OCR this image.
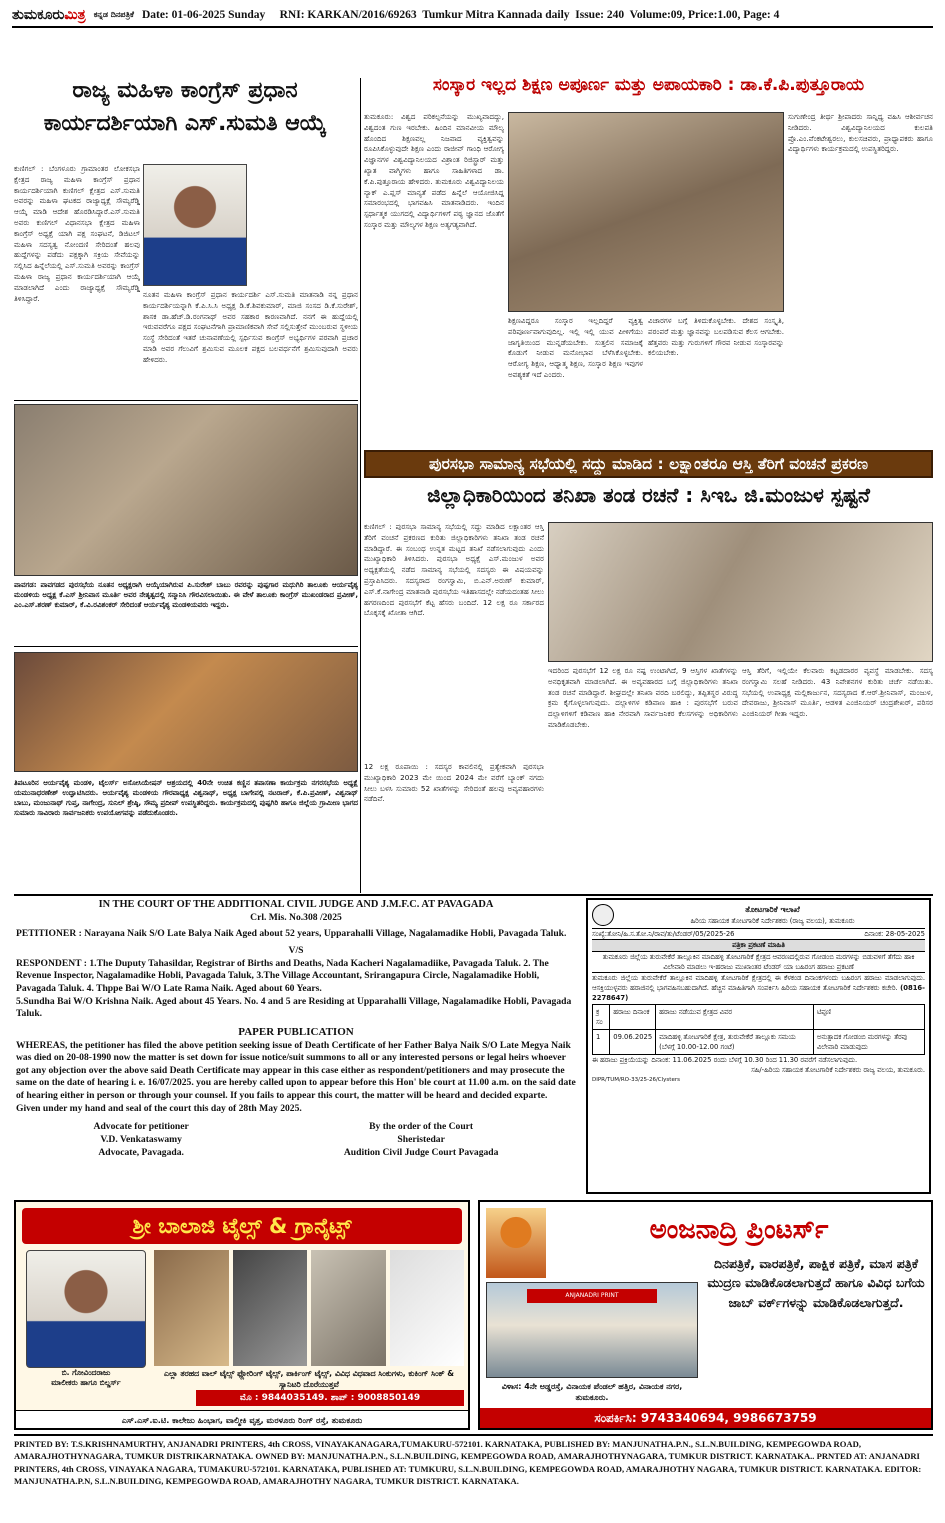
ತುಮಕೂರುಮಿತ್ರ ಕನ್ನಡ ದಿನಪತ್ರಿಕೆ Date: 01-06-2025 Sunday     RNI: KARKAN/2016/69263  Tumkur Mitra Kannada daily  Issue: 240  Volume:09, Price:1.00, Page: 4
ರಾಜ್ಯ ಮಹಿಳಾ ಕಾಂಗ್ರೆಸ್ ಪ್ರಧಾನ
ಕಾರ್ಯದರ್ಶಿಯಾಗಿ ಎಸ್.ಸುಮತಿ ಆಯ್ಕೆ
ಕುಣಿಗಲ್ : ಬೆಂಗಳೂರು ಗ್ರಾಮಾಂತರ ಲೋಕಸಭಾ ಕ್ಷೇತ್ರದ ರಾಜ್ಯ ಮಹಿಳಾ ಕಾಂಗ್ರೆಸ್ ಪ್ರಧಾನ ಕಾರ್ಯದರ್ಶಿಯಾಗಿ ಕುಣಿಗಲ್ ಕ್ಷೇತ್ರದ ಎಸ್.ಸುಮತಿ ಅವರನ್ನು ಮಹಿಳಾ ಘಟಕದ ರಾಜ್ಯಾಧ್ಯಕ್ಷೆ ಸೌಮ್ಯರೆಡ್ಡಿ ಆಯ್ಕೆ ಮಾಡಿ ಆದೇಶ ಹೊರಡಿಸಿದ್ದಾರೆ.ಎಸ್.ಸುಮತಿ ಅವರು ಕುಣಿಗಲ್ ವಿಧಾನಸಭಾ ಕ್ಷೇತ್ರದ ಮಹಿಳಾ ಕಾಂಗ್ರೆಸ್ ಅಧ್ಯಕ್ಷೆ ಯಾಗಿ ಪಕ್ಷ ಸಂಘಟನೆ, ಡಿಜಿಟಲ್ ಮಹಿಳಾ ಸದಸ್ಯತ್ವ ನೋಂದಣಿ ಸೇರಿದಂತೆ ಹಲವು ಹುದ್ದೆಗಳನ್ನು ಪಡೆದು ಪಕ್ಷಕ್ಕಾಗಿ ಸಕ್ರಿಯ ಸೇವೆಯನ್ನು ಸಲ್ಲಿಸಿದ ಹಿನ್ನೆಲೆಯಲ್ಲಿ ಎಸ್.ಸುಮತಿ ಅವರನ್ನು ಕಾಂಗ್ರೆಸ್ ಮಹಿಳಾ ರಾಜ್ಯ ಪ್ರಧಾನ ಕಾರ್ಯದರ್ಶಿಯಾಗಿ ಆಯ್ಕೆ ಮಾಡಲಾಗಿದೆ ಎಂದು ರಾಜ್ಯಾಧ್ಯಕ್ಷೆ ಸೌಮ್ಯರೆಡ್ಡಿ ತಿಳಿಸಿದ್ದಾರೆ.	ನೂತನ ಮಹಿಳಾ ಕಾಂಗ್ರೆಸ್ ಪ್ರಧಾನ ಕಾರ್ಯದರ್ಶಿ ಎಸ್.ಸುಮತಿ ಮಾತನಾಡಿ ನನ್ನ ಪ್ರಧಾನ ಕಾರ್ಯದರ್ಶಿಯನ್ನಾಗಿ ಕೆ.ಪಿ.ಸಿ.ಸಿ ಅಧ್ಯಕ್ಷ ಡಿ.ಕೆ.ಶಿವಕುಮಾರ್, ಮಾಜಿ ಸಂಸದ ಡಿ.ಕೆ.ಸುರೇಶ್, ಶಾಸಕ ಡಾ.ಹೆಚ್.ಡಿ.ರಂಗನಾಥ್ ಅವರ ಸಹಕಾರ ಕಾರಣವಾಗಿದೆ. ನನಗೆ ಈ ಹುದ್ದೆಯಲ್ಲಿ ಇರುವವರೆಗೂ ಪಕ್ಷದ ಸಂಘಟನೆಗಾಗಿ ಪ್ರಾಮಾಣಿಕವಾಗಿ ಸೇವೆ ಸಲ್ಲಿಸುತ್ತೇನೆ ಮುಂಬರುವ ಸ್ಥಳೀಯ ಸಂಸ್ಥೆ ಸೇರಿದಂತೆ ಇತರೆ ಚುನಾವಣೆಯಲ್ಲಿ ಸ್ಪರ್ಧಿಸುವ ಕಾಂಗ್ರೆಸ್ ಅಭ್ಯರ್ಥಿಗಳ ಪರವಾಗಿ ಪ್ರಚಾರ ಮಾಡಿ ಅವರ ಗೆಲುವಿಗೆ ಶ್ರಮಿಸುವ ಮೂಲಕ ಪಕ್ಷದ ಬಲವರ್ಧನೆಗೆ ಶ್ರಮಿಸುವುದಾಗಿ ಅವರು ಹೇಳಿದರು.
ಪಾವಗಡ: ಪಾವಗಡದ ಪುರಸಭೆಯ ನೂತನ ಅಧ್ಯಕ್ಷರಾಗಿ ಆಯ್ಕೆಯಾಗಿರುವ ಪಿ.ಸುರೇಶ್ ಬಾಬು ರವರನ್ನು ಪುಷ್ಪಗಾರ ಮಧುಗಿರಿ ತಾಲೂಕು ಆರ್ಯವೈಶ್ಯ ಮಂಡಳಿಯ ಅಧ್ಯಕ್ಷ ಕೆ.ಎಸ್ ಶ್ರೀನಿವಾಸ ಮೂರ್ತಿ ಅವರ ನೇತೃತ್ವದಲ್ಲಿ ಸನ್ಮಾನಿಸಿ ಗೌರವಿಸಲಾಯಿತು. ಈ ವೇಳೆ ತಾಲೂಕು ಕಾಂಗ್ರೆಸ್ ಮುಖಂಡರಾದ ಪ್ರವೀಣ್, ಎಂ.ಎಸ್.ಶರಣ್ ಕುಮಾರ್, ಕೆ.ವಿ.ರವಿಶಂಕರ್ ಸೇರಿದಂತೆ ಆರ್ಯವೈಶ್ಯ ಮಂಡಳಿಯವರು ಇದ್ದರು.
ತಿಪಟೂರಿನ ಆರ್ಯವೈಶ್ಯ ಮಂಡಳಿ, ಟೈಲರ್ಸ್ ಅಸೋಸಿಯೇಷನ್ ಆಶ್ರಯದಲ್ಲಿ 40ನೇ ಉಚಿತ ಕಣ್ಣಿನ ತಪಾಸಣಾ ಕಾರ್ಯಕ್ರಮ ನಗರಸಭೆಯ ಅಧ್ಯಕ್ಷೆ ಯಮುನಾಧರಣೇಶ್ ಉದ್ಘಾಟಿಸಿದರು. ಆರ್ಯವೈಶ್ಯ ಮಂಡಳಿಯ ಗೌರವಾಧ್ಯಕ್ಷ ವಿಶ್ವನಾಥ್, ಅಧ್ಯಕ್ಷ ಬಾಗೇಪಲ್ಲಿ ನಟರಾಜ್, ಕೆ.ಪಿ.ಪ್ರವೀಣ್, ವಿಶ್ವನಾಥ್ ಬಾಬು, ಮಂಜುನಾಥ್ ಗುಪ್ತ, ನಾಗೇಂದ್ರ, ಸುನಿಲ್ ಶ್ರೇಷ್ಠಿ, ಸೌಮ್ಯ ಪ್ರದೀಪ್ ಉಪಸ್ಥಿತರಿದ್ದರು. ಕಾರ್ಯಕ್ರಮದಲ್ಲಿ ಪುಷ್ಪಗಿರಿ ಹಾಗೂ ಜಿಲ್ಲೆಯ ಗ್ರಾಮೀಣ ಭಾಗದ ಸುಮಾರು ಸಾವಿರಾರು ಸಾರ್ವಜನಿಕರು ಉಪಯೋಗವನ್ನು ಪಡೆದುಕೊಂಡರು.
ಸಂಸ್ಕಾರ ಇಲ್ಲದ ಶಿಕ್ಷಣ ಅಪೂರ್ಣ ಮತ್ತು ಅಪಾಯಕಾರಿ : ಡಾ.ಕೆ.ಪಿ.ಪುತ್ತೂರಾಯ
ತುಮಕೂರು: ವಿಶ್ವದ ಪರಿಕಲ್ಪನೆಯನ್ನು ಮುಖ್ಯವಾದದ್ದು, ವಿಶ್ವದಂತ ಗುಣ ಇರಬೇಕು. ಹಿಂದಿನ ಮಾನವೀಯ ಮೌಲ್ಯ ಹೊಂದಿದ ಶಿಕ್ಷಣವಲ್ಲ ನಿಜವಾದ ವ್ಯಕ್ತಿತ್ವವನ್ನು ರೂಪಿಸಿಕೊಳ್ಳುವುದೇ ಶಿಕ್ಷಣ ಎಂದು ರಾಜೀವ್ ಗಾಂಧಿ ಆರೋಗ್ಯ ವಿಜ್ಞಾನಗಳ ವಿಶ್ವವಿದ್ಯಾನಿಲಯದ ವಿಶ್ರಾಂತ ರಿಜಿಸ್ಟ್ರಾರ್ ಮತ್ತು ಖ್ಯಾತ ವಾಗ್ಮಿಗಳು ಹಾಗೂ ಸಾಹಿತಿಗಳಾದ ಡಾ. ಕೆ.ಪಿ.ಪುತ್ತೂರಾಯ ಹೇಳಿದರು. ತುಮಕೂರು ವಿಶ್ವವಿದ್ಯಾನಿಲಯ ನ್ಯಾಕ್ ಎ.ಪ್ಲಸ್ ಮಾನ್ಯತೆ ಪಡೆದ ಹಿನ್ನೆಲೆ ಆಯೋಜಿಸಿದ್ದ ಸಮಾರಂಭದಲ್ಲಿ ಭಾಗವಹಿಸಿ ಮಾತನಾಡಿದರು. ಇಂದಿನ ಸ್ಪರ್ಧಾತ್ಮಕ ಯುಗದಲ್ಲಿ ವಿದ್ಯಾರ್ಥಿಗಳಿಗೆ ಪಠ್ಯ ಜ್ಞಾನದ ಜೊತೆಗೆ ಸಂಸ್ಕಾರ ಮತ್ತು ಮೌಲ್ಯಗಳ ಶಿಕ್ಷಣ ಅತ್ಯಗತ್ಯವಾಗಿದೆ.
ಸುಗುಣೇಂದ್ರ ತೀರ್ಥ ಶ್ರೀಪಾದರು ಸಾನ್ನಿಧ್ಯ ವಹಿಸಿ ಆಶೀರ್ವಚನ ನೀಡಿದರು. ವಿಶ್ವವಿದ್ಯಾನಿಲಯದ ಕುಲಪತಿ ಪ್ರೊ.ಎಂ.ವೆಂಕಟೇಶ್ವರಲು, ಕುಲಸಚಿವರು, ಪ್ರಾಧ್ಯಾಪಕರು ಹಾಗೂ ವಿದ್ಯಾರ್ಥಿಗಳು ಕಾರ್ಯಕ್ರಮದಲ್ಲಿ ಉಪಸ್ಥಿತರಿದ್ದರು.
ಶಿಕ್ಷಣವಿದ್ದರೂ ಸಂಸ್ಕಾರ ಇಲ್ಲದಿದ್ದರೆ ವ್ಯಕ್ತಿತ್ವ ಪರಿಪೂರ್ಣವಾಗುವುದಿಲ್ಲ. ಇಲ್ಲಿ ಇಲ್ಲಿ ಯುವ ಪೀಳಿಗೆಯು ಜಾಗೃತಿಯಿಂದ ಮುನ್ನಡೆಯಬೇಕು. ಸುತ್ತಲಿನ ಸಮಾಜಕ್ಕೆ ಕೊಡುಗೆ ನೀಡುವ ಮನೋಭಾವ ಬೆಳೆಸಿಕೊಳ್ಳಬೇಕು. ಆರೋಗ್ಯ ಶಿಕ್ಷಣ, ಆಧ್ಯಾತ್ಮ ಶಿಕ್ಷಣ, ಸಂಸ್ಕಾರ ಶಿಕ್ಷಣ ಇವುಗಳ ಅವಶ್ಯಕತೆ ಇದೆ ಎಂದರು.
ವಿಚಾರಗಳ ಬಗ್ಗೆ ತಿಳಿದುಕೊಳ್ಳಬೇಕು. ದೇಶದ ಸಂಸ್ಕೃತಿ, ಪರಂಪರೆ ಮತ್ತು ಜ್ಞಾನವನ್ನು ಬಲಪಡಿಸುವ ಕೆಲಸ ಆಗಬೇಕು. ಹೆತ್ತವರು ಮತ್ತು ಗುರುಗಳಿಗೆ ಗೌರವ ನೀಡುವ ಸಂಸ್ಕಾರವನ್ನು ಕಲಿಯಬೇಕು.
ಪುರಸಭಾ ಸಾಮಾನ್ಯ ಸಭೆಯಲ್ಲಿ ಸದ್ದು ಮಾಡಿದ : ಲಕ್ಷಾಂತರೂ ಆಸ್ತಿ ತೆರಿಗೆ ವಂಚನೆ ಪ್ರಕರಣ
ಜಿಲ್ಲಾಧಿಕಾರಿಯಿಂದ ತನಿಖಾ ತಂಡ ರಚನೆ : ಸಿಇಒ ಜಿ.ಮಂಜುಳ ಸ್ಪಷ್ಟನೆ
ಕುಣಿಗಲ್ : ಪುರಸಭಾ ಸಾಮಾನ್ಯ ಸಭೆಯಲ್ಲಿ ಸದ್ದು ಮಾಡಿದ ಲಕ್ಷಾಂತರ ಆಸ್ತಿ ತೆರಿಗೆ ವಂಚನೆ ಪ್ರಕರಣದ ಕುರಿತು ಜಿಲ್ಲಾಧಿಕಾರಿಗಳು ತನಿಖಾ ತಂಡ ರಚನೆ ಮಾಡಿದ್ದಾರೆ. ಈ ಸಂಬಂಧ ಉನ್ನತ ಮಟ್ಟದ ತನಿಖೆ ನಡೆಸಲಾಗುವುದು ಎಂದು ಮುಖ್ಯಾಧಿಕಾರಿ ತಿಳಿಸಿದರು. ಪುರಸಭಾ ಅಧ್ಯಕ್ಷೆ ಎಸ್.ಮಂಜುಳ ಅವರ ಅಧ್ಯಕ್ಷತೆಯಲ್ಲಿ ನಡೆದ ಸಾಮಾನ್ಯ ಸಭೆಯಲ್ಲಿ ಸದಸ್ಯರು ಈ ವಿಷಯವನ್ನು ಪ್ರಸ್ತಾಪಿಸಿದರು. ಸದಸ್ಯರಾದ ರಂಗಸ್ವಾಮಿ, ಬಿ.ಎನ್.ಅರುಣ್ ಕುಮಾರ್, ಎಸ್.ಕೆ.ನಾಗೇಂದ್ರ ಮಾತನಾಡಿ ಪುರಸಭೆಯ ಇತಿಹಾಸದಲ್ಲೇ ನಡೆಯದಂತಹ ಸೀಲು ಹಗರಣದಿಂದ ಪುರಸಭೆಗೆ ಕೆಟ್ಟ ಹೆಸರು ಬಂದಿದೆ. 12 ಲಕ್ಷ ರೂ ಸರ್ಕಾರದ ಬೊಕ್ಕಸಕ್ಕೆ ಖೋತಾ ಆಗಿದೆ.
ಇದರಿಂದ ಪುರಸಭೆಗೆ 12 ಲಕ್ಷ ರೂ ನಷ್ಟ ಉಂಟಾಗಿದೆ, 9 ಆಸ್ತಿಗಳ ಖಾತೆಗಳನ್ನು ಅನಧಿಕೃತವಾಗಿ ಮಾಡಲಾಗಿದೆ. ಈ ಅವ್ಯವಹಾರದ ಬಗ್ಗೆ ಜಿಲ್ಲಾಧಿಕಾರಿಗಳು ತನಿಖಾ ತಂಡ ರಚನೆ ಮಾಡಿದ್ದಾರೆ. ಶೀಘ್ರದಲ್ಲೇ ತನಿಖಾ ವರದಿ ಬರಲಿದ್ದು, ತಪ್ಪಿತಸ್ಥರ ವಿರುದ್ಧ ಕ್ರಮ ಕೈಗೊಳ್ಳಲಾಗುವುದು. ದಲ್ಲಾಳಿಗಳ ಕಡಿವಾಣ ಹಾಕಿ : ಪುರಸಭೆಗೆ ಬರುವ ದಲ್ಲಾಳಿಗಳಿಗೆ ಕಡಿವಾಣ ಹಾಕಿ ನೇರವಾಗಿ ಸಾರ್ವಜನಿಕರ ಕೆಲಸಗಳನ್ನು ಅಧಿಕಾರಿಗಳು ಮಾಡಿಕೊಡಬೇಕು.
ಆಸ್ತಿ ತೆರಿಗೆ, ಇಲ್ಲಿಯೇ ಕೆಲವಾರು ಕಟ್ಟಡದಾರರ ವ್ಯವಸ್ಥೆ ಮಾಡಬೇಕು. ಸದಸ್ಯ ರಂಗಸ್ವಾಮಿ ಸಲಹೆ ನೀಡಿದರು. 43 ನಿವೇಶನಗಳ ಕುರಿತು ಚರ್ಚೆ ನಡೆಯಿತು. ಸಭೆಯಲ್ಲಿ ಉಪಾಧ್ಯಕ್ಷ ಮಲ್ಲಿಕಾರ್ಜುನ, ಸದಸ್ಯರಾದ ಕೆ.ಆರ್.ಶ್ರೀನಿವಾಸ್, ಮಂಜುಳ, ದೇವರಾಜು, ಶ್ರೀನಿವಾಸ್ ಮೂರ್ತಿ, ಆಡಳಿತ ಎಂಜಿನಿಯರ್ ಚಂದ್ರಶೇಖರ್, ಪರಿಸರ ಎಂಜಿನಿಯರ್ ಗೀತಾ ಇದ್ದರು.
12 ಲಕ್ಷ ರೂಪಾಯಿ : ಸದಸ್ಯರ ಕಾವಲಿನಲ್ಲಿ ಪ್ರತ್ಯೇಕವಾಗಿ ಪುರಸಭಾ ಮುಖ್ಯಾಧಿಕಾರಿ 2023 ಮೇ ಯಿಂದ 2024 ಮೇ ವರೆಗೆ ಬ್ಯಾಂಕ್ ನಗದು ಸೀಲು ಬಳಸಿ ಸುಮಾರು 52 ಖಾತೆಗಳನ್ನು ಸೇರಿದಂತೆ ಹಲವು ಅವ್ಯವಹಾರಗಳು ನಡೆದಿವೆ.
IN THE COURT OF THE ADDITIONAL CIVIL JUDGE AND J.M.F.C. AT PAVAGADA
Crl. Mis. No.308 /2025
PETITIONER : Narayana Naik S/O Late Balya Naik Aged about 52 years, Upparahalli Village, Nagalamadike Hobli, Pavagada Taluk.
V/S
RESPONDENT : 1.The Duputy Tahasildar, Registrar of Births and Deaths, Nada Kacheri Nagalamadiike, Pavagada Taluk. 2. The Revenue Inspector, Nagalamadike Hobli, Pavagada Taluk, 3.The Village Accountant, Srirangapura Circle, Nagalamadike Hobli, Pavagada Taluk. 4. Thppe Bai W/O Late Rama Naik. Aged about 60 Years.
5.Sundha Bai W/O Krishna Naik. Aged about 45 Years. No. 4 and 5 are Residing at Upparahalli Village, Nagalamadike Hobli, Pavagada Taluk.
PAPER PUBLICATION
WHEREAS, the petitioner has filed the above petition seeking issue of Death Certificate of her Father Balya Naik S/O Late Megya Naik was died on 20-08-1990 now the matter is set down for issue notice/suit summons to all or any interested persons or legal heirs whoever got any objection over the above said Death Certificate may appear in this case either as respondent/petitioners and may prosecute the same on the date of hearing i. e. 16/07/2025. you are hereby called upon to appear before this Hon' ble court at 11.00 a.m. on the said date of hearing either in person or through your counsel. If you fails to appear this court, the matter will be heard and decided exparte.
Given under my hand and seal of the court this day of 28th May 2025.
Advocate for petitioner
V.D. Venkataswamy
Advocate, Pavagada.
By the order of the Court
Sheristedar
Audition Civil Judge Court Pavagada
ತೋಟಗಾರಿಕೆ ಇಲಾಖೆ
ಹಿರಿಯ ಸಹಾಯಕ ತೋಟಗಾರಿಕೆ ನಿರ್ದೇಶಕರು (ರಾಜ್ಯ ವಲಯ), ತುಮಕೂರು
ಸಂಖ್ಯೆ:ತೋನಿ/ಹಿ.ಸ.ತೋ.ನಿ/ರಾವ/ತು/ಟೆಂಡರ್/05/2025-26	ದಿನಾಂಕ: 28-05-2025
ಪತ್ರಿಕಾ ಪ್ರಕಟಣೆ ಮಾಹಿತಿ
ತುಮಕೂರು ಜಿಲ್ಲೆಯ ತುರುವೇಕೆರೆ ತಾಲ್ಲೂಕಿನ ಮಾದಿಹಳ್ಳಿ ತೋಟಗಾರಿಕೆ ಕ್ಷೇತ್ರದ ಆವರಣದಲ್ಲಿರುವ ಗೋಡಂಬಿ ಮರಗಳನ್ನು ಬಿಡುವಳಿಗೆ ತೆಗೆದು ಹಾಕಿ ವಿಲೇವಾರಿ ಮಾಡಲು ಇ-ಹರಾಜು ಮುಖಾಂತರ ಟೆಂಡರ್ ಯಾ ಬಹಿರಂಗ ಹರಾಜು ಪ್ರಕಟಣೆ
ತುಮಕೂರು ಜಿಲ್ಲೆಯ ತುರುವೇಕೆರೆ ತಾಲ್ಲೂಕಿನ ಮಾದಿಹಳ್ಳಿ ತೋಟಗಾರಿಕೆ ಕ್ಷೇತ್ರದಲ್ಲಿ ಈ ಕೆಳಕಂಡ ದಿನಾಂಕಗಳಂದು ಬಹಿರಂಗ ಹರಾಜು ಮಾಡಲಾಗುವುದು. ಆಸಕ್ತಿಯುಳ್ಳವರು ಹರಾಜಿನಲ್ಲಿ ಭಾಗವಹಿಸಬಹುದಾಗಿದೆ. ಹೆಚ್ಚಿನ ಮಾಹಿತಿಗಾಗಿ ಸಂಪರ್ಕಿಸಿ ಹಿರಿಯ ಸಹಾಯಕ ತೋಟಗಾರಿಕೆ ನಿರ್ದೇಶಕರು ಕಚೇರಿ. (0816-2278647)
ಕ್ರ ಸಂ	ಹರಾಜು ದಿನಾಂಕ	ಹರಾಜು ನಡೆಯುವ ಕ್ಷೇತ್ರದ ವಿವರ	ಟಿಪ್ಪಣಿ
1	09.06.2025	ಮಾದಿಹಳ್ಳಿ ತೋಟಗಾರಿಕೆ ಕ್ಷೇತ್ರ, ತುರುವೇಕೆರೆ ತಾಲ್ಲೂಕು ಸಮಯ (ಬೆಳಗ್ಗೆ 10.00-12.00 ಗಂಟೆ)	ಅನುತ್ಪಾದಕ ಗೋಡಂಬಿ ಮರಗಳನ್ನು ತೆರವು ವಿಲೇವಾರಿ ಮಾಡುವುದು
ಈ ಹರಾಜು ಪ್ರಕ್ರಿಯೆಯನ್ನು ದಿನಾಂಕ: 11.06.2025 ರಂದು ಬೆಳಗ್ಗೆ 10.30 ರಿಂದ 11.30 ರವರೆಗೆ ನಡೆಸಲಾಗುವುದು.
ಸಹಿ/-ಹಿರಿಯ ಸಹಾಯಕ ತೋಟಗಾರಿಕೆ ನಿರ್ದೇಶಕರು ರಾಜ್ಯ ವಲಯ, ತುಮಕೂರು.
DIPR/TUM/RO-33/25-26/Clysters
ಶ್ರೀ ಬಾಲಾಜಿ ಟೈಲ್ಸ್ & ಗ್ರಾನೈಟ್ಸ್
ಬಿ. ಗೋವಿಂದರಾಜು
ಮಾಲೀಕರು ಹಾಗೂ ಬಿಲ್ಡರ್ಸ್
ಎಲ್ಲಾ ತರಹದ ವಾಲ್ ಟೈಲ್ಸ್ ಫ್ಲೋರಿಂಗ್ ಟೈಲ್ಸ್, ಪಾರ್ಕಿಂಗ್ ಟೈಲ್ಸ್, ವಿವಿಧ ವಿಧವಾದ ಸಿಂಕುಗಳು, ಕುಕಿಂಗ್ ಸಿಂಕ್ & ಸ್ಯಾನಿಟರಿ ದೊರೆಯುತ್ತವೆ
ಮೊ : 9844035149. ಶಾಪ್ : 9008850149
ಎಸ್.ಎಸ್.ಐ.ಟಿ. ಕಾಲೇಜು ಹಿಂಭಾಗ, ವಾಲ್ಮೀಕಿ ವೃತ್ತ, ಮರಳೂರು ರಿಂಗ್ ರಸ್ತೆ, ತುಮಕೂರು
ಅಂಜನಾದ್ರಿ ಪ್ರಿಂಟರ್ಸ್
ANJANADRI PRINT
ದಿನಪತ್ರಿಕೆ, ವಾರಪತ್ರಿಕೆ, ಪಾಕ್ಷಿಕ ಪತ್ರಿಕೆ, ಮಾಸ ಪತ್ರಿಕೆ ಮುದ್ರಣ ಮಾಡಿಕೊಡಲಾಗುತ್ತದೆ ಹಾಗೂ ವಿವಿಧ ಬಗೆಯ ಜಾಬ್ ವರ್ಕ್‌ಗಳನ್ನು ಮಾಡಿಕೊಡಲಾಗುತ್ತದೆ.
ವಿಳಾಸ: 4ನೇ ಅಡ್ಡರಸ್ತೆ, ವಿನಾಯಕ ಪೆಂಡಲ್ ಹತ್ತಿರ, ವಿನಾಯಕ ನಗರ, ತುಮಕೂರು.
ಸಂಪರ್ಕಿಸಿ: 9743340694, 9986673759
PRINTED BY: T.S.KRISHNAMURTHY, ANJANADRI PRINTERS, 4th CROSS, VINAYAKANAGARA,TUMAKURU-572101. KARNATAKA, PUBLISHED BY: MANJUNATHA.P.N., S.L.N.BUILDING, KEMPEGOWDA ROAD, AMARAJHOTHYNAGARA, TUMKUR DISTRIKARNATAKA. OWNED BY: MANJUNATHA.P.N., S.L.N.BUILDING, KEMPEGOWDA ROAD, AMARAJHOTHYNAGARA, TUMKUR DISTRICT. KARNATAKA.. PRNTED AT: ANJANADRI PRINTERS, 4th CROSS, VINAYAKA NAGARA, TUMAKURU-572101. KARNATAKA, PUBLISHED AT: TUMKURU, S.L.N.BUILDING, KEMPEGOWDA ROAD, AMARAJHOTHY NAGARA, TUMKUR DISTRICT. KARNATAKA. EDITOR: MANJUNATHA.P.N, S.L.N.BUILDING, KEMPEGOWDA ROAD, AMARAJHOTHY NAGARA, TUMKUR DISTRICT. KARNATAKA.
